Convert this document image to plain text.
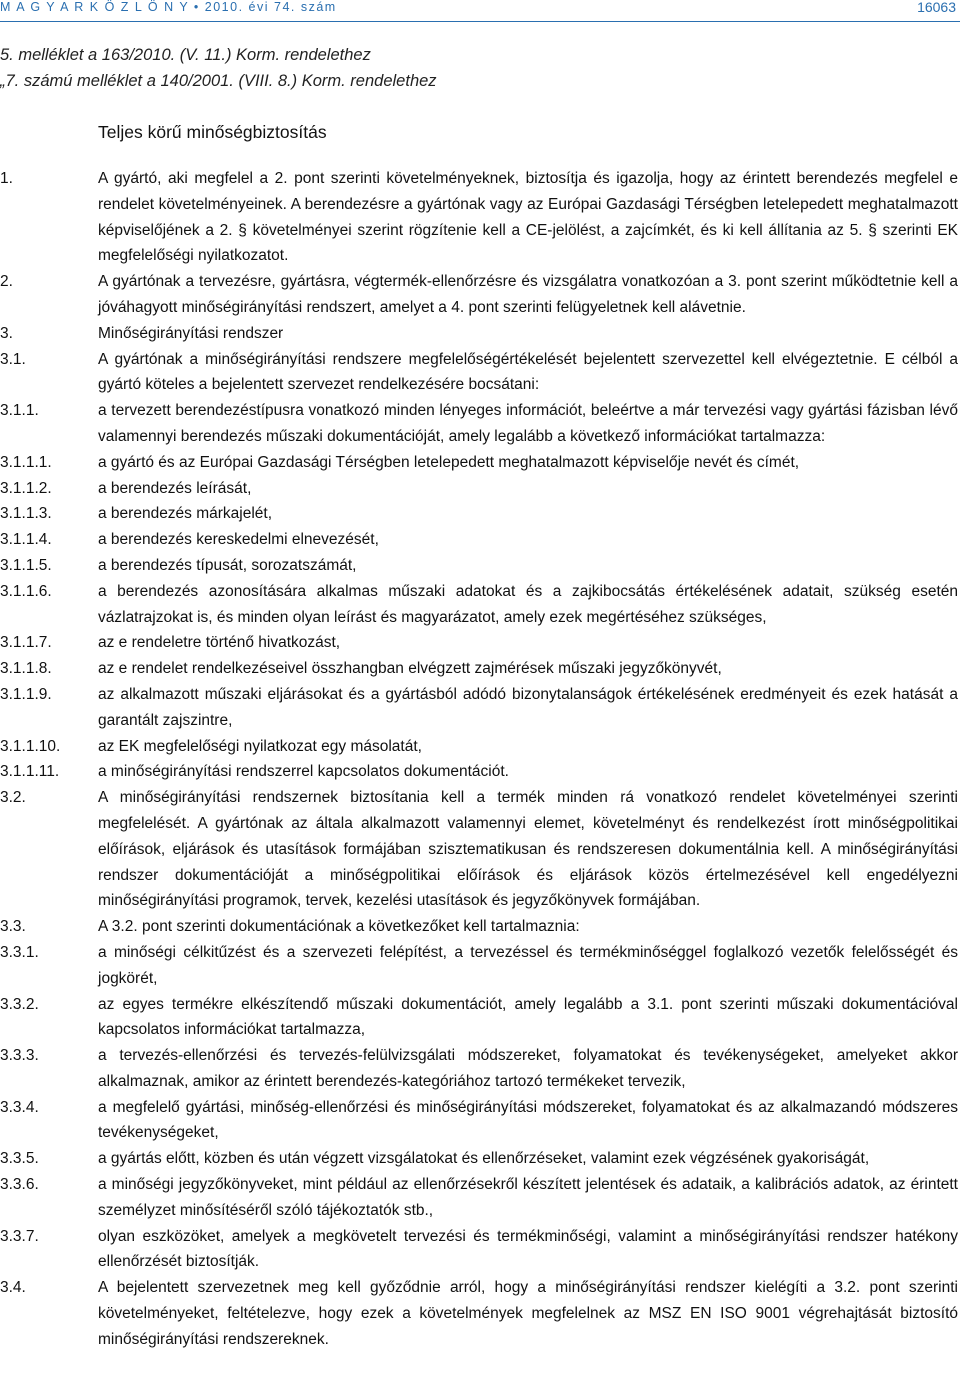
M A G Y A R K Ö Z L Ö N Y • 2010. évi 74. szám	16063
5. melléklet a 163/2010. (V. 11.) Korm. rendelethez
„7. számú melléklet a 140/2001. (VIII. 8.) Korm. rendelethez
Teljes körű minőségbiztosítás
1.	A gyártó, aki megfelel a 2. pont szerinti követelményeknek, biztosítja és igazolja, hogy az érintett berendezés megfelel e rendelet követelményeinek. A berendezésre a gyártónak vagy az Európai Gazdasági Térségben letelepedett meghatalmazott képviselőjének a 2. § követelményei szerint rögzítenie kell a CE-jelölést, a zajcímkét, és ki kell állítania az 5. § szerinti EK megfelelőségi nyilatkozatot.
2.	A gyártónak a tervezésre, gyártásra, végtermék-ellenőrzésre és vizsgálatra vonatkozóan a 3. pont szerint működtetnie kell a jóváhagyott minőségirányítási rendszert, amelyet a 4. pont szerinti felügyeletnek kell alávetnie.
3.	Minőségirányítási rendszer
3.1.	A gyártónak a minőségirányítási rendszere megfelelőségértékelését bejelentett szervezettel kell elvégeztetnie. E célból a gyártó köteles a bejelentett szervezet rendelkezésére bocsátani:
3.1.1.	a tervezett berendezéstípusra vonatkozó minden lényeges információt, beleértve a már tervezési vagy gyártási fázisban lévő valamennyi berendezés műszaki dokumentációját, amely legalább a következő információkat tartalmazza:
3.1.1.1.	a gyártó és az Európai Gazdasági Térségben letelepedett meghatalmazott képviselője nevét és címét,
3.1.1.2.	a berendezés leírását,
3.1.1.3.	a berendezés márkajelét,
3.1.1.4.	a berendezés kereskedelmi elnevezését,
3.1.1.5.	a berendezés típusát, sorozatszámát,
3.1.1.6.	a berendezés azonosítására alkalmas műszaki adatokat és a zajkibocsátás értékelésének adatait, szükség esetén vázlatrajzokat is, és minden olyan leírást és magyarázatot, amely ezek megértéséhez szükséges,
3.1.1.7.	az e rendeletre történő hivatkozást,
3.1.1.8.	az e rendelet rendelkezéseivel összhangban elvégzett zajmérések műszaki jegyzőkönyvét,
3.1.1.9.	az alkalmazott műszaki eljárásokat és a gyártásból adódó bizonytalanságok értékelésének eredményeit és ezek hatását a garantált zajszintre,
3.1.1.10.	az EK megfelelőségi nyilatkozat egy másolatát,
3.1.1.11.	a minőségirányítási rendszerrel kapcsolatos dokumentációt.
3.2.	A minőségirányítási rendszernek biztosítania kell a termék minden rá vonatkozó rendelet követelményei szerinti megfelelését. A gyártónak az általa alkalmazott valamennyi elemet, követelményt és rendelkezést írott minőségpolitikai előírások, eljárások és utasítások formájában szisztematikusan és rendszeresen dokumentálnia kell. A minőségirányítási rendszer dokumentációját a minőségpolitikai előírások és eljárások közös értelmezésével kell engedélyezni minőségirányítási programok, tervek, kezelési utasítások és jegyzőkönyvek formájában.
3.3.	A 3.2. pont szerinti dokumentációnak a következőket kell tartalmaznia:
3.3.1.	a minőségi célkitűzést és a szervezeti felépítést, a tervezéssel és termékminőséggel foglalkozó vezetők felelősségét és jogkörét,
3.3.2.	az egyes termékre elkészítendő műszaki dokumentációt, amely legalább a 3.1. pont szerinti műszaki dokumentációval kapcsolatos információkat tartalmazza,
3.3.3.	a tervezés-ellenőrzési és tervezés-felülvizsgálati módszereket, folyamatokat és tevékenységeket, amelyeket akkor alkalmaznak, amikor az érintett berendezés-kategóriához tartozó termékeket tervezik,
3.3.4.	a megfelelő gyártási, minőség-ellenőrzési és minőségirányítási módszereket, folyamatokat és az alkalmazandó módszeres tevékenységeket,
3.3.5.	a gyártás előtt, közben és után végzett vizsgálatokat és ellenőrzéseket, valamint ezek végzésének gyakoriságát,
3.3.6.	a minőségi jegyzőkönyveket, mint például az ellenőrzésekről készített jelentések és adataik, a kalibrációs adatok, az érintett személyzet minősítéséről szóló tájékoztatók stb.,
3.3.7.	olyan eszközöket, amelyek a megkövetelt tervezési és termékminőségi, valamint a minőségirányítási rendszer hatékony ellenőrzését biztosítják.
3.4.	A bejelentett szervezetnek meg kell győződnie arról, hogy a minőségirányítási rendszer kielégíti a 3.2. pont szerinti követelményeket, feltételezve, hogy ezek a követelmények megfelelnek az MSZ EN ISO 9001 végrehajtását biztosító minőségirányítási rendszereknek.
